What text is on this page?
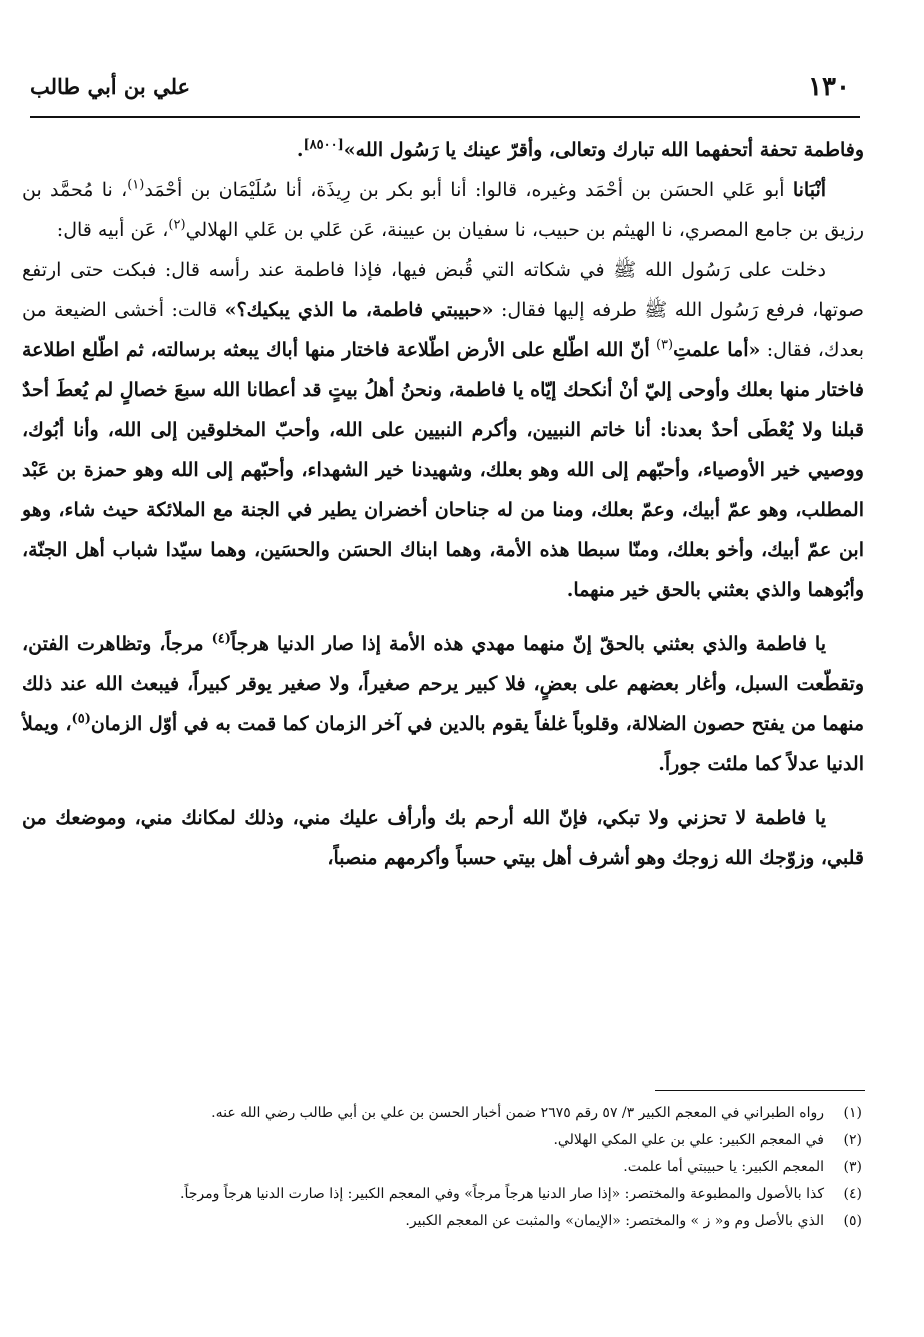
١٣٠
علي بن أبي طالب

وفاطمة تحفة أتحفهما الله تبارك وتعالى، وأقرّ عينك يا رَسُول الله»[٨٥٠٠].

أنْبَانا أبو عَلي الحسَن بن أحْمَد وغيره، قالوا: أنا أبو بكر بن رِيذَة، أنا سُلَيْمَان بن أحْمَد$^{(١)}$، نا مُحمَّد بن رزيق بن جامع المصري، نا الهيثم بن حبيب، نا سفيان بن عيينة، عَن عَلي بن عَلي الهلالي$^{(٢)}$، عَن أبيه قال:

دخلت على رَسُول الله ﷺ في شكاته التي قُبض فيها، فإذا فاطمة عند رأسه قال: فبكت حتى ارتفع صوتها، فرفع رَسُول الله ﷺ طرفه إليها فقال: «حبيبتي فاطمة، ما الذي يبكيك؟» قالت: أخشى الضيعة من بعدك، فقال: «أما علمتِ$^{(٣)}$ أنّ الله اطّلع على الأرض اطّلاعة فاختار منها أباك يبعثه برسالته، ثم اطّلع اطلاعة فاختار منها بعلك وأوحى إليّ أنْ أنكحك إيّاه يا فاطمة، ونحنُ أهلُ بيتٍ قد أعطانا الله سبعَ خصالٍ لم يُعطَ أحدٌ قبلنا ولا يُعْطَى أحدٌ بعدنا: أنا خاتم النبيين، وأكرم النبيين على الله، وأحبّ المخلوقين إلى الله، وأنا أبُوك، ووصيي خير الأوصياء، وأحبّهم إلى الله وهو بعلك، وشهيدنا خير الشهداء، وأحبّهم إلى الله وهو حمزة بن عَبْد المطلب، وهو عمّ أبيك، وعمّ بعلك، ومنا من له جناحان أخضران يطير في الجنة مع الملائكة حيث شاء، وهو ابن عمّ أبيك، وأخو بعلك، ومنّا سبطا هذه الأمة، وهما ابناك الحسَن والحسَين، وهما سيّدا شباب أهل الجنّة، وأبُوهما والذي بعثني بالحق خير منهما.

يا فاطمة والذي بعثني بالحقّ إنّ منهما مهدي هذه الأمة إذا صار الدنيا هرجاً$^{(٤)}$ مرجاً، وتظاهرت الفتن، وتقطّعت السبل، وأغار بعضهم على بعضٍ، فلا كبير يرحم صغيراً، ولا صغير يوقر كبيراً، فيبعث الله عند ذلك منهما من يفتح حصون الضلالة، وقلوباً غلفاً يقوم بالدين في آخر الزمان كما قمت به في أوّل الزمان$^{(٥)}$، ويملأ الدنيا عدلاً كما ملئت جوراً.

يا فاطمة لا تحزني ولا تبكي، فإنّ الله أرحم بك وأرأف عليك مني، وذلك لمكانك مني، وموضعك من قلبي، وزوّجك الله زوجك وهو أشرف أهل بيتي حسباً وأكرمهم منصباً،

(١)
رواه الطبراني في المعجم الكبير ٣/ ٥٧ رقم ٢٦٧٥ ضمن أخبار الحسن بن علي بن أبي طالب رضي الله عنه.
(٢)
في المعجم الكبير: علي بن علي المكي الهلالي.
(٣)
المعجم الكبير: يا حبيبتي أما علمت.
(٤)
كذا بالأصول والمطبوعة والمختصر: «إذا صار الدنيا هرجاً مرجاً» وفي المعجم الكبير: إذا صارت الدنيا هرجاً ومرجاً.
(٥)
الذي بالأصل وم و« ز » والمختصر: «الإيمان» والمثبت عن المعجم الكبير.
